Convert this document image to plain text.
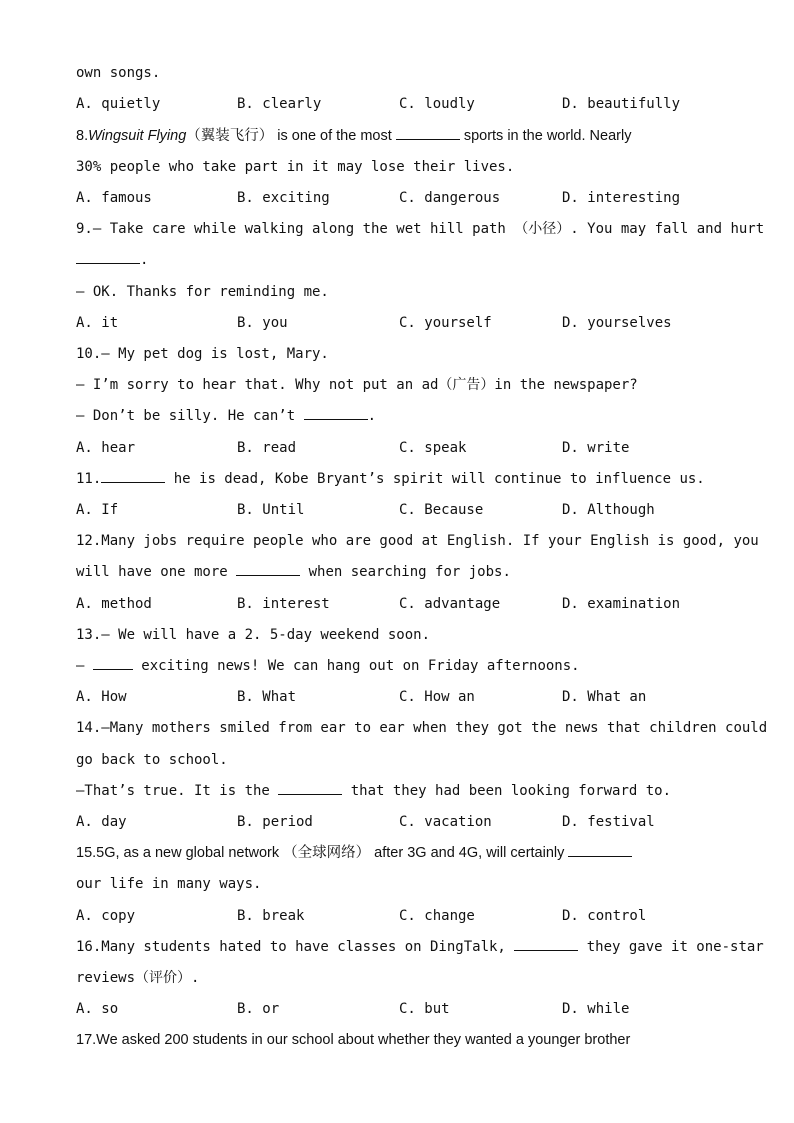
own songs.
A. quietly	B. clearly	C. loudly	D. beautifully
8.Wingsuit Flying（翼装飞行） is one of the most	sports in the world. Nearly
30% people who take part in it may lose their lives.
A. famous	B. exciting	C. dangerous	D. interesting
9.— Take care while walking along the wet hill path （小径）. You may fall and hurt
.
— OK. Thanks for reminding me.
A. it	B. you	C. yourself	D. yourselves
10.— My pet dog is lost, Mary.
— I’m sorry to hear that. Why not put an ad（广告）in the newspaper?
— Don’t be silly. He can’t	.
A. hear	B. read	C. speak	D. write
11.	he is dead, Kobe Bryant’s spirit will continue to influence us.
A. If	B. Until	C. Because	D. Although
12.Many jobs require people who are good at English. If your English is good, you
will have one more	when searching for jobs.
A. method	B. interest	C. advantage	D. examination
13.— We will have a 2. 5-day weekend soon.
—	exciting news! We can hang out on Friday afternoons.
A. How	B. What	C. How an	D. What an
14.—Many mothers smiled from ear to ear when they got the news that children could
go back to school.
—That’s true. It is the	that they had been looking forward to.
A. day	B. period	C. vacation	D. festival
15.5G, as a new global network （全球网络） after 3G and 4G, will certainly
our life in many ways.
A. copy	B. break	C. change	D. control
16.Many students hated to have classes on DingTalk,	they gave it one-star
reviews（评价）.
A. so	B. or	C. but	D. while
17.We asked 200 students in our school about whether they wanted a younger brother
